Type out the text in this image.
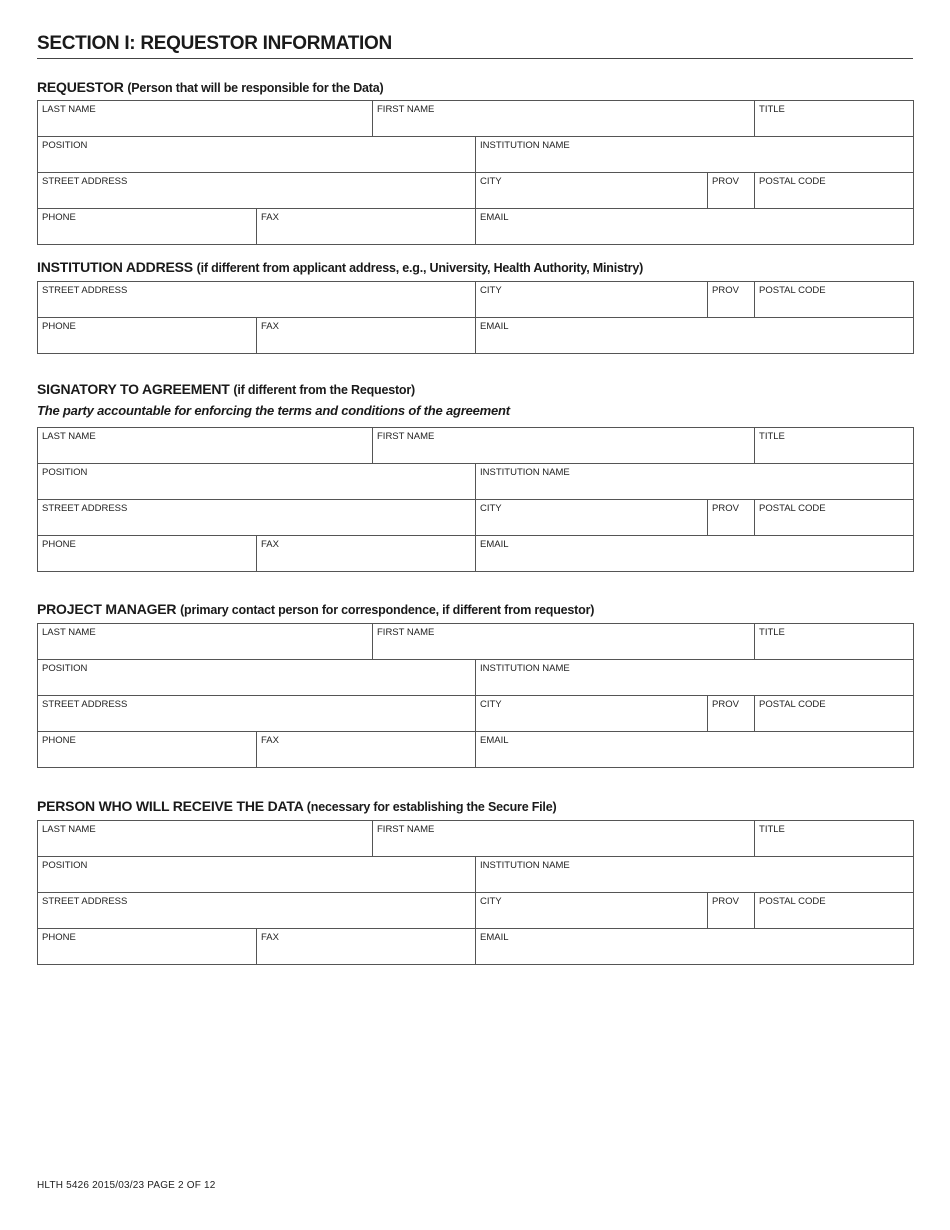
SECTION I: REQUESTOR INFORMATION
REQUESTOR (Person that will be responsible for the Data)
LAST NAME		FIRST NAME			TITLE

POSITION			INSTITUTION NAME		

STREET ADDRESS			CITY	PROV	POSTAL CODE

PHONE	FAX		EMAIL		
INSTITUTION ADDRESS (if different from applicant address, e.g., University, Health Authority, Ministry)
STREET ADDRESS		CITY	PROV	POSTAL CODE

PHONE	FAX	EMAIL		
SIGNATORY TO AGREEMENT (if different from the Requestor)

The party accountable for enforcing the terms and conditions of the agreement

LAST NAME		FIRST NAME			TITLE

POSITION			INSTITUTION NAME		

STREET ADDRESS			CITY	PROV	POSTAL CODE

PHONE	FAX		EMAIL		
PROJECT MANAGER (primary contact person for correspondence, if different from requestor)
LAST NAME		FIRST NAME			TITLE

POSITION			INSTITUTION NAME		

STREET ADDRESS			CITY	PROV	POSTAL CODE

PHONE	FAX		EMAIL		
PERSON WHO WILL RECEIVE THE DATA (necessary for establishing the Secure File)
LAST NAME		FIRST NAME			TITLE

POSITION			INSTITUTION NAME		

STREET ADDRESS			CITY	PROV	POSTAL CODE

PHONE	FAX		EMAIL		
HLTH 5426 2015/03/23 PAGE 2 OF 12
